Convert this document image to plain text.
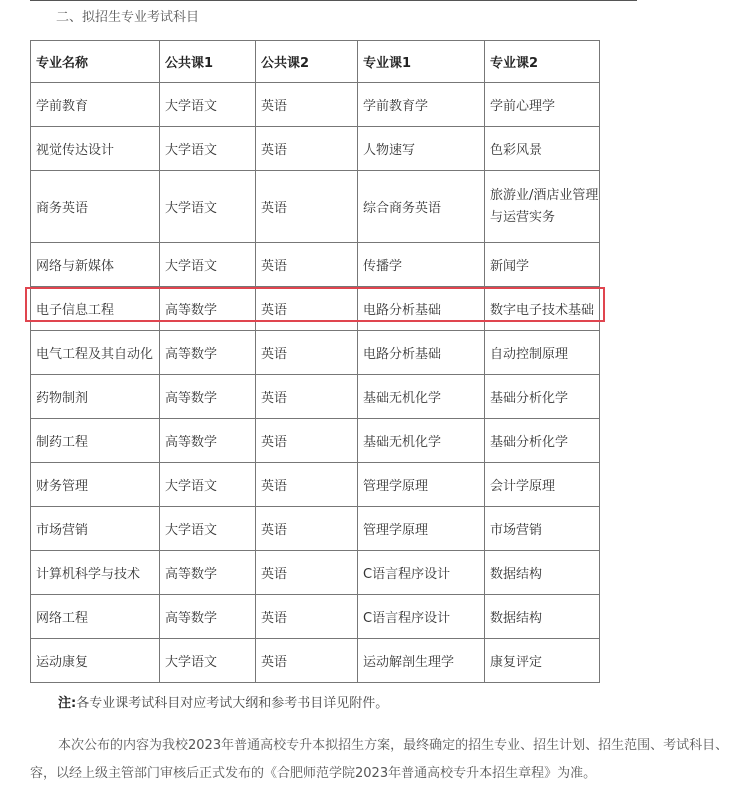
二、拟招生专业考试科目
专业名称	公共课1	公共课2	专业课1	专业课2
学前教育	大学语文	英语	学前教育学	学前心理学
视觉传达设计	大学语文	英语	人物速写	色彩风景
商务英语	大学语文	英语	综合商务英语	旅游业/酒店业管理与运营实务
网络与新媒体	大学语文	英语	传播学	新闻学
电子信息工程	高等数学	英语	电路分析基础	数字电子技术基础
电气工程及其自动化	高等数学	英语	电路分析基础	自动控制原理
药物制剂	高等数学	英语	基础无机化学	基础分析化学
制药工程	高等数学	英语	基础无机化学	基础分析化学
财务管理	大学语文	英语	管理学原理	会计学原理
市场营销	大学语文	英语	管理学原理	市场营销
计算机科学与技术	高等数学	英语	C语言程序设计	数据结构
网络工程	高等数学	英语	C语言程序设计	数据结构
运动康复	大学语文	英语	运动解剖生理学	康复评定
注:各专业课考试科目对应考试大纲和参考书目详见附件。
本次公布的内容为我校2023年普通高校专升本拟招生方案，最终确定的招生专业、招生计划、招生范围、考试科目、
容，以经上级主管部门审核后正式发布的《合肥师范学院2023年普通高校专升本招生章程》为准。
